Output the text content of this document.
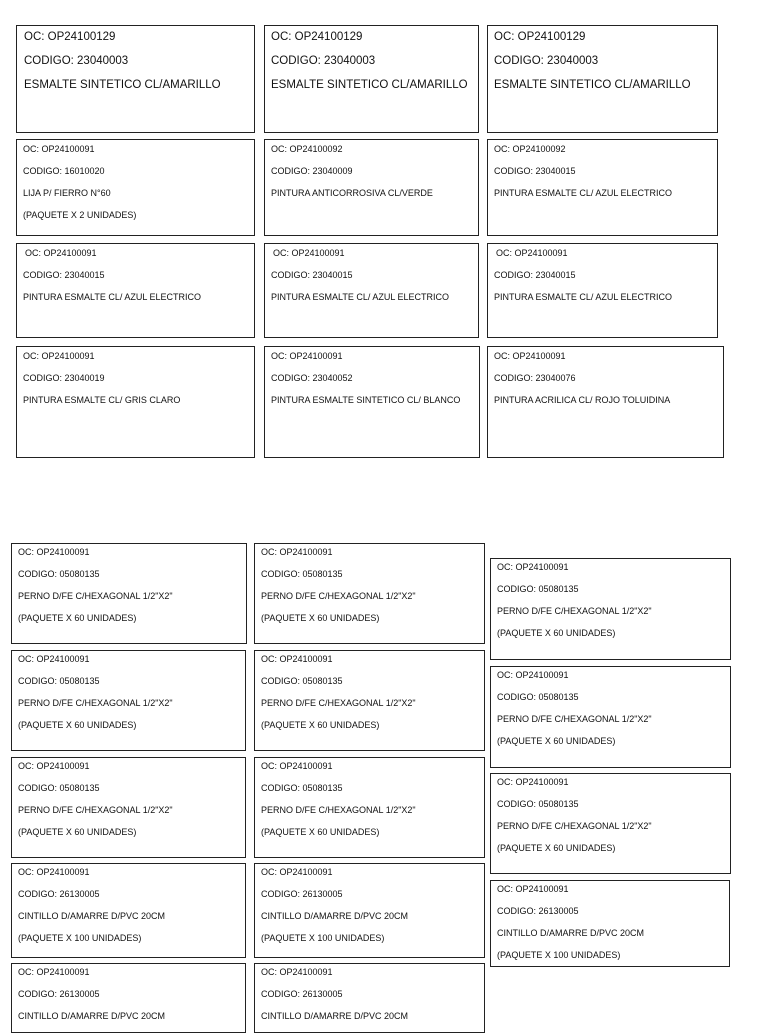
OC: OP24100129
CODIGO: 23040003
ESMALTE SINTETICO CL/AMARILLO
OC: OP24100129
CODIGO: 23040003
ESMALTE SINTETICO CL/AMARILLO
OC: OP24100129
CODIGO: 23040003
ESMALTE SINTETICO CL/AMARILLO
OC: OP24100091
CODIGO: 16010020
LIJA P/ FIERRO N°60
(PAQUETE X 2 UNIDADES)
OC: OP24100092
CODIGO: 23040009
PINTURA ANTICORROSIVA CL/VERDE
OC: OP24100092
CODIGO: 23040015
PINTURA ESMALTE CL/ AZUL ELECTRICO
OC: OP24100091
CODIGO: 23040015
PINTURA ESMALTE CL/ AZUL ELECTRICO
OC: OP24100091
CODIGO: 23040015
PINTURA ESMALTE CL/ AZUL ELECTRICO
OC: OP24100091
CODIGO: 23040015
PINTURA ESMALTE CL/ AZUL ELECTRICO
OC: OP24100091
CODIGO: 23040019
PINTURA ESMALTE CL/ GRIS CLARO
OC: OP24100091
CODIGO: 23040052
PINTURA ESMALTE SINTETICO CL/ BLANCO
OC: OP24100091
CODIGO: 23040076
PINTURA ACRILICA CL/ ROJO TOLUIDINA
OC: OP24100091
CODIGO: 05080135
PERNO D/FE C/HEXAGONAL 1/2"X2"
(PAQUETE X 60 UNIDADES)
OC: OP24100091
CODIGO: 05080135
PERNO D/FE C/HEXAGONAL 1/2"X2"
(PAQUETE X 60 UNIDADES)
OC: OP24100091
CODIGO: 05080135
PERNO D/FE C/HEXAGONAL 1/2"X2"
(PAQUETE X 60 UNIDADES)
OC: OP24100091
CODIGO: 26130005
CINTILLO D/AMARRE D/PVC 20CM
(PAQUETE X 100 UNIDADES)
OC: OP24100091
CODIGO: 26130005
CINTILLO D/AMARRE D/PVC 20CM
OC: OP24100091
CODIGO: 05080135
PERNO D/FE C/HEXAGONAL 1/2"X2"
(PAQUETE X 60 UNIDADES)
OC: OP24100091
CODIGO: 05080135
PERNO D/FE C/HEXAGONAL 1/2"X2"
(PAQUETE X 60 UNIDADES)
OC: OP24100091
CODIGO: 05080135
PERNO D/FE C/HEXAGONAL 1/2"X2"
(PAQUETE X 60 UNIDADES)
OC: OP24100091
CODIGO: 26130005
CINTILLO D/AMARRE D/PVC 20CM
(PAQUETE X 100 UNIDADES)
OC: OP24100091
CODIGO: 26130005
CINTILLO D/AMARRE D/PVC 20CM
OC: OP24100091
CODIGO: 05080135
PERNO D/FE C/HEXAGONAL 1/2"X2"
(PAQUETE X 60 UNIDADES)
OC: OP24100091
CODIGO: 05080135
PERNO D/FE C/HEXAGONAL 1/2"X2"
(PAQUETE X 60 UNIDADES)
OC: OP24100091
CODIGO: 05080135
PERNO D/FE C/HEXAGONAL 1/2"X2"
(PAQUETE X 60 UNIDADES)
OC: OP24100091
CODIGO: 26130005
CINTILLO D/AMARRE D/PVC 20CM
(PAQUETE X 100 UNIDADES)
